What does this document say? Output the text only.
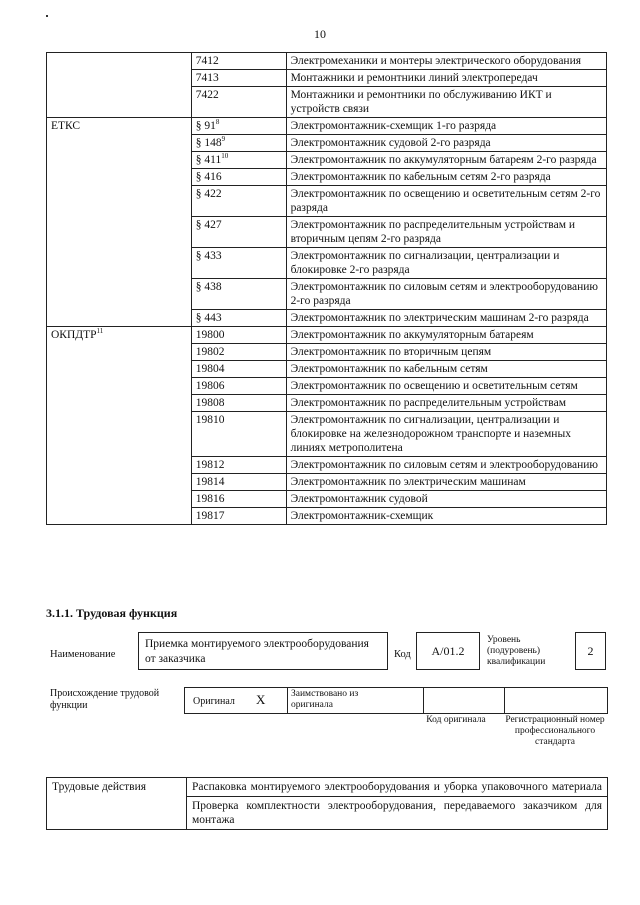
10
	7412	Электромеханики и монтеры электрического оборудования
	7413	Монтажники и ремонтники линий электропередач
	7422	Монтажники и ремонтники по обслуживанию ИКТ и устройств связи
ЕТКС	§ $91^8$	Электромонтажник-схемщик 1-го разряда
	§ $148^9$	Электромонтажник судовой 2-го разряда
	§ $411^{10}$	Электромонтажник по аккумуляторным батареям 2-го разряда
	§ 416	Электромонтажник по кабельным сетям 2-го разряда
	§ 422	Электромонтажник по освещению и осветительным сетям 2-го разряда
	§ 427	Электромонтажник по распределительным устройствам и вторичным цепям 2-го разряда
	§ 433	Электромонтажник по сигнализации, централизации и блокировке 2-го разряда
	§ 438	Электромонтажник по силовым сетям и электрооборудованию 2-го разряда
	§ 443	Электромонтажник по электрическим машинам 2-го разряда
ОКПДТР$^{11}$	19800	Электромонтажник по аккумуляторным батареям
	19802	Электромонтажник по вторичным цепям
	19804	Электромонтажник по кабельным сетям
	19806	Электромонтажник по освещению и осветительным сетям
	19808	Электромонтажник по распределительным устройствам
	19810	Электромонтажник по сигнализации, централизации и блокировке на железнодорожном транспорте и наземных линиях метрополитена
	19812	Электромонтажник по силовым сетям и электрооборудованию
	19814	Электромонтажник по электрическим машинам
	19816	Электромонтажник судовой
	19817	Электромонтажник-схемщик
3.1.1. Трудовая функция
Наименование
Приемка монтируемого электрооборудования от заказчика	Код	А/01.2
Уровень (подуровень) квалификации
2
Происхождение трудовой функции	Оригинал X	Заимствовано из оригинала
Код оригинала	Регистрационный номер профессионального стандарта
Трудовые действия	Распаковка монтируемого электрооборудования и уборка упаковочного материала
Проверка комплектности электрооборудования, передаваемого заказчиком для монтажа
